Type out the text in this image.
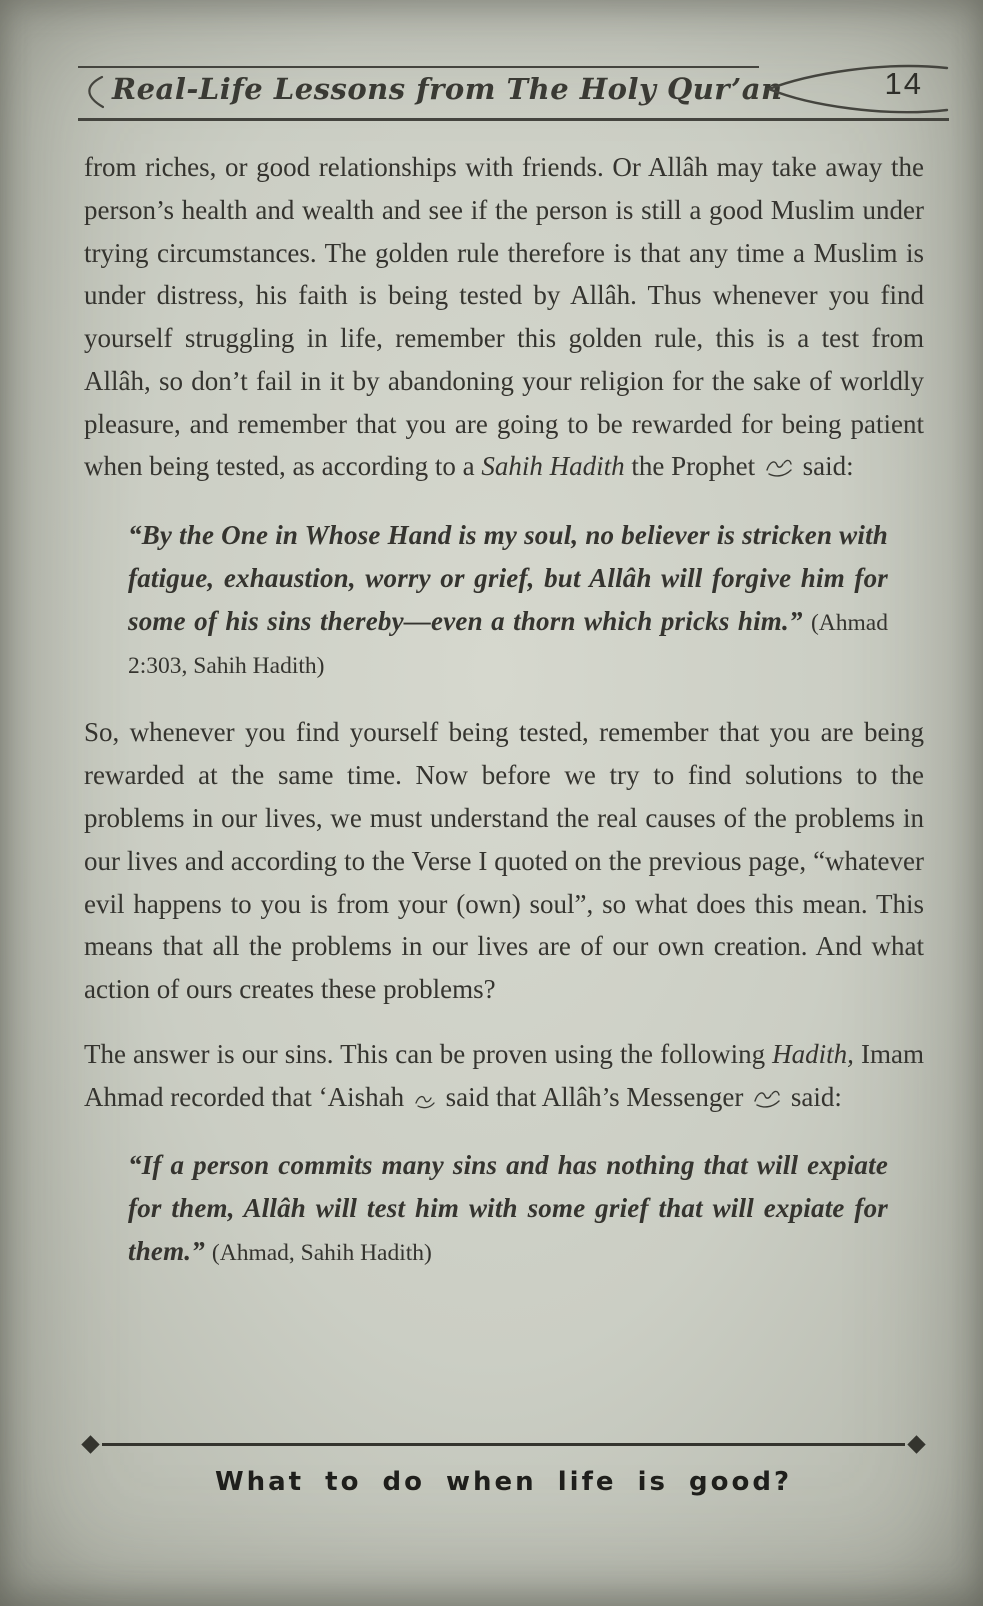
Real-Life Lessons from The Holy Qur’an	14

from riches, or good relationships with friends. Or Allâh may take away the person’s health and wealth and see if the person is still a good Muslim under trying circumstances. The golden rule therefore is that any time a Muslim is under distress, his faith is being tested by Allâh. Thus whenever you find yourself struggling in life, remember this golden rule, this is a test from Allâh, so don’t fail in it by abandoning your religion for the sake of worldly pleasure, and remember that you are going to be rewarded for being patient when being tested, as according to a Sahih Hadith the Prophet  said:

“By the One in Whose Hand is my soul, no believer is stricken with fatigue, exhaustion, worry or grief, but Allâh will forgive him for some of his sins thereby—even a thorn which pricks him.” (Ahmad 2:303, Sahih Hadith)

So, whenever you find yourself being tested, remember that you are being rewarded at the same time. Now before we try to find solutions to the problems in our lives, we must understand the real causes of the problems in our lives and according to the Verse I quoted on the previous page, “whatever evil happens to you is from your (own) soul”, so what does this mean. This means that all the problems in our lives are of our own creation. And what action of ours creates these problems?

The answer is our sins. This can be proven using the following Hadith, Imam Ahmad recorded that ‘Aishah  said that Allâh’s Messenger  said:

“If a person commits many sins and has nothing that will expiate for them, Allâh will test him with some grief that will expiate for them.” (Ahmad, Sahih Hadith)
What to do when life is good?
